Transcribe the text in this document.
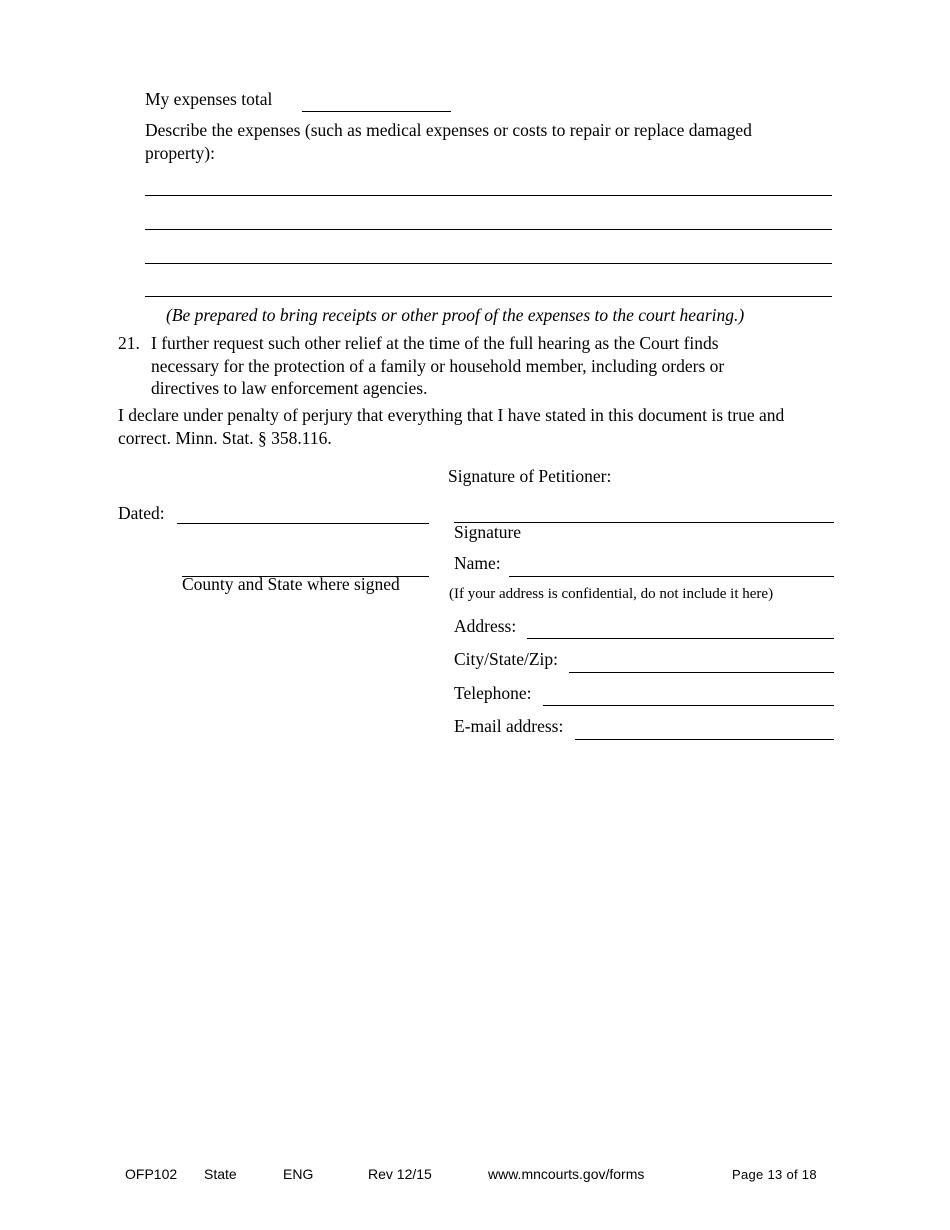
My expenses total
Describe the expenses (such as medical expenses or costs to repair or replace damaged
property):
(Be prepared to bring receipts or other proof of the expenses to the court hearing.)
21. I further request such other relief at the time of the full hearing as the Court finds
necessary for the protection of a family or household member, including orders or
directives to law enforcement agencies.
I declare under penalty of perjury that everything that I have stated in this document is true and
correct. Minn. Stat. § 358.116.
Signature of Petitioner:
Dated:
Signature
Name:
County and State where signed	(If your address is confidential, do not include it here)
Address:
City/State/Zip:
Telephone:
E-mail address:
OFP102 State	ENG	Rev 12/15	www.mncourts.gov/forms	Page 13 of 18
